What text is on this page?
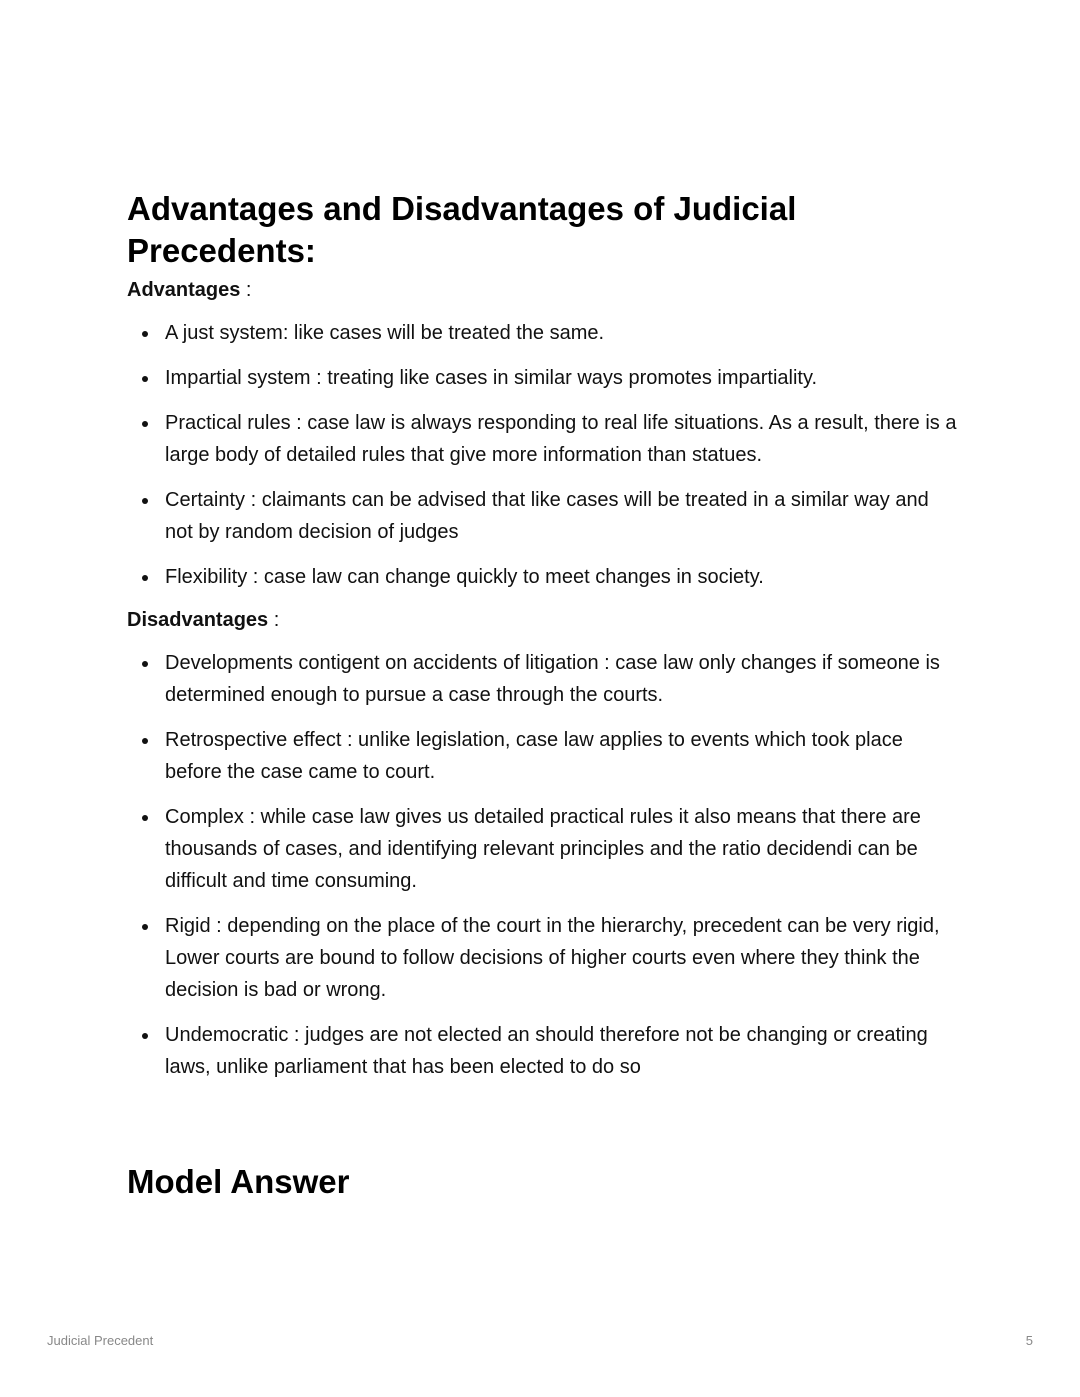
Advantages and Disadvantages of Judicial Precedents:
Advantages :
A just system: like cases will be treated the same.
Impartial system : treating like cases in similar ways promotes impartiality.
Practical rules : case law is always responding to real life situations. As a result, there is a large body of detailed rules that give more information than statues.
Certainty : claimants can be advised that like cases will be treated in a similar way and not by random decision of judges
Flexibility : case law can change quickly to meet changes in society.
Disadvantages :
Developments contigent on accidents of litigation : case law only changes if someone is determined enough to pursue a case through the courts.
Retrospective effect : unlike legislation, case law applies to events which took place before the case came to court.
Complex : while case law gives us detailed practical rules it also means that there are thousands of cases, and identifying relevant principles and the ratio decidendi can be difficult and time consuming.
Rigid : depending on the place of the court in the hierarchy, precedent can be very rigid, Lower courts are bound to follow decisions of higher courts even where they think the decision is bad or wrong.
Undemocratic : judges are not elected an should therefore not be changing or creating laws, unlike parliament that has been elected to do so
Model Answer
Judicial Precedent	5
